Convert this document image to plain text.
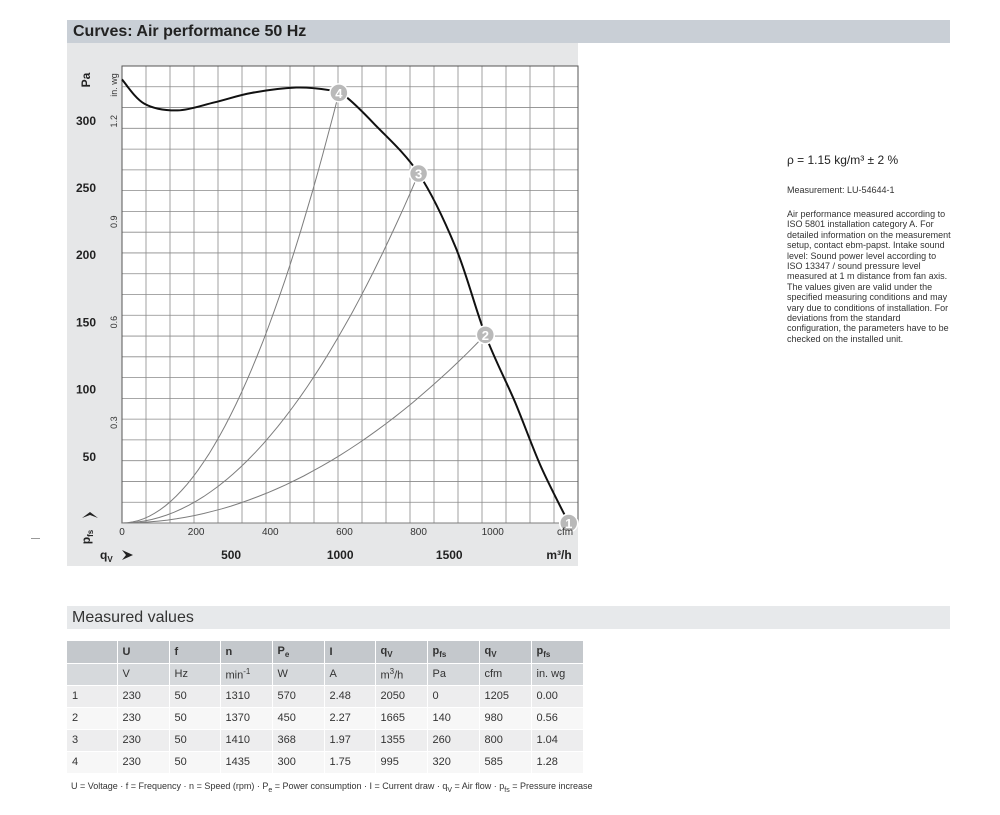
Curves: Air performance 50 Hz
1
2
3
4
50
100
150
200
250
300
0.3
0.6
0.9
1.2
Pa in. wg
$p_{fs}$ 0	200	400	600	800	1000	cfm
$q_V$	500	1000	1500	m³/h
ρ = 1.15 kg/m³ ± 2 %
Measurement: LU-54644-1
Air performance measured according to ISO 5801 installation category A. For detailed information on the measurement setup, contact ebm-papst. Intake sound level: Sound power level according to ISO 13347 / sound pressure level measured at 1 m distance from fan axis. The values given are valid under the specified measuring conditions and may vary due to conditions of installation. For deviations from the standard configuration, the parameters have to be checked on the installed unit.
Measured values
	U	f	n	$P_e$	I	$q_V$	$p_{fs}$	$q_V$	$p_{fs}$
	V	Hz	$\min^{-1}$	W	A	$m^3/h$	Pa	cfm	in. wg
1	230	50	1310	570	2.48	2050	0	1205	0.00
2	230	50	1370	450	2.27	1665	140	980	0.56
3	230	50	1410	368	1.97	1355	260	800	1.04
4	230	50	1435	300	1.75	995	320	585	1.28
U = Voltage · f = Frequency · n = Speed $(rpm) \cdot P_e$ = Power consumption · I = Current draw · $q_V$ = Air flow · $p_{fs}$ = Pressure increase
